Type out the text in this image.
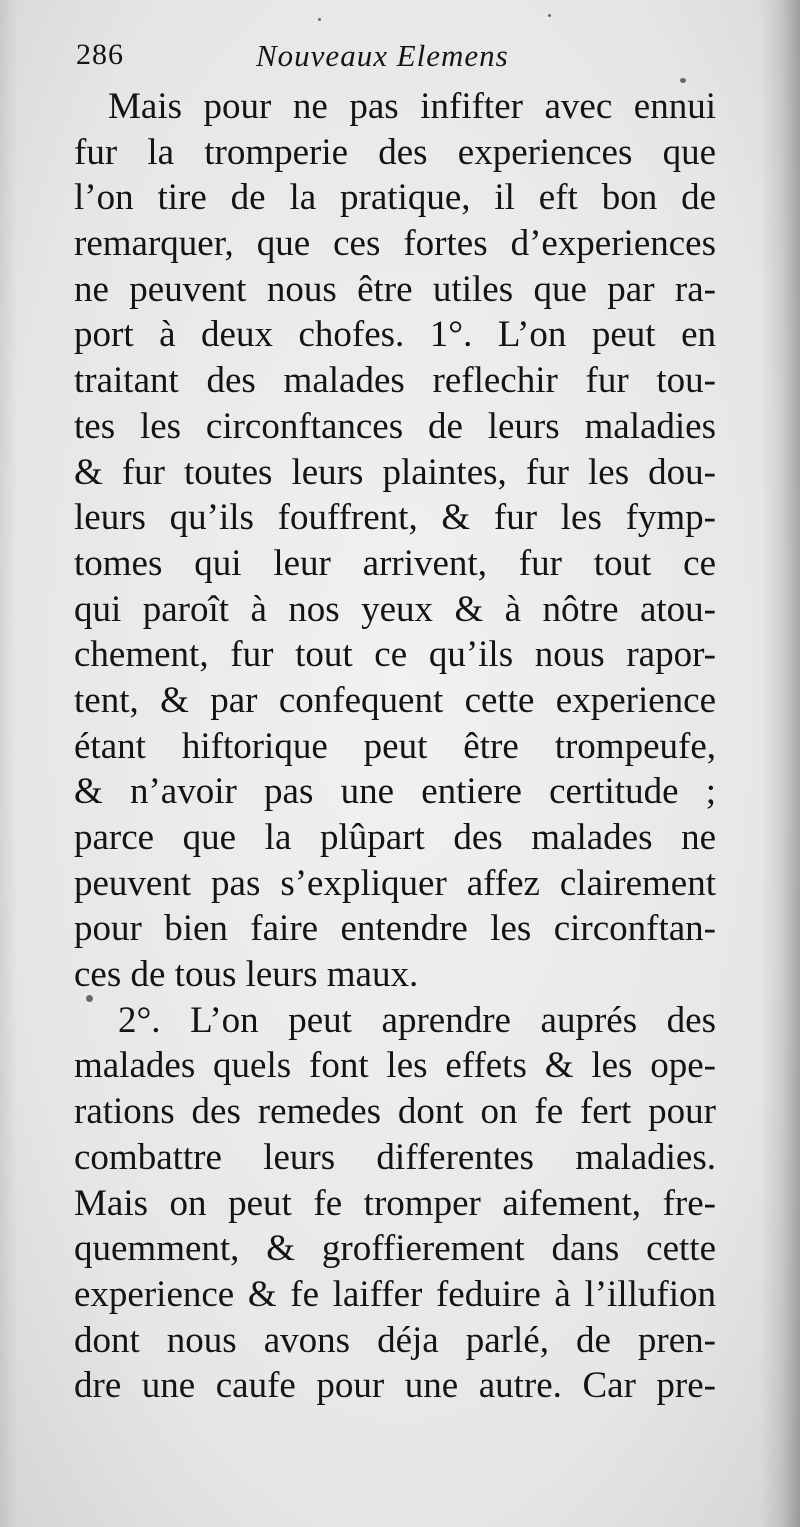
286	Nouveaux Elemens
Mais pour ne pas infifter avec ennui
fur la tromperie des experiences que
l’on tire de la pratique, il eft bon de
remarquer, que ces fortes d’experiences
ne peuvent nous être utiles que par ra-
port à deux chofes. 1°. L’on peut en
traitant des malades reflechir fur tou-
tes les circonftances de leurs maladies
& fur toutes leurs plaintes, fur les dou-
leurs qu’ils fouffrent, & fur les fymp-
tomes qui leur arrivent, fur tout ce
qui paroît à nos yeux & à nôtre atou-
chement, fur tout ce qu’ils nous rapor-
tent, & par confequent cette experience
étant hiftorique peut être trompeufe,
& n’avoir pas une entiere certitude ;
parce que la plûpart des malades ne
peuvent pas s’expliquer affez clairement
pour bien faire entendre les circonftan-
ces de tous leurs maux.
2°. L’on peut aprendre auprés des
malades quels font les effets & les ope-
rations des remedes dont on fe fert pour
combattre leurs differentes maladies.
Mais on peut fe tromper aifement, fre-
quemment, & groffierement dans cette
experience & fe laiffer feduire à l’illufion
dont nous avons déja parlé, de pren-
dre une caufe pour une autre. Car pre-
